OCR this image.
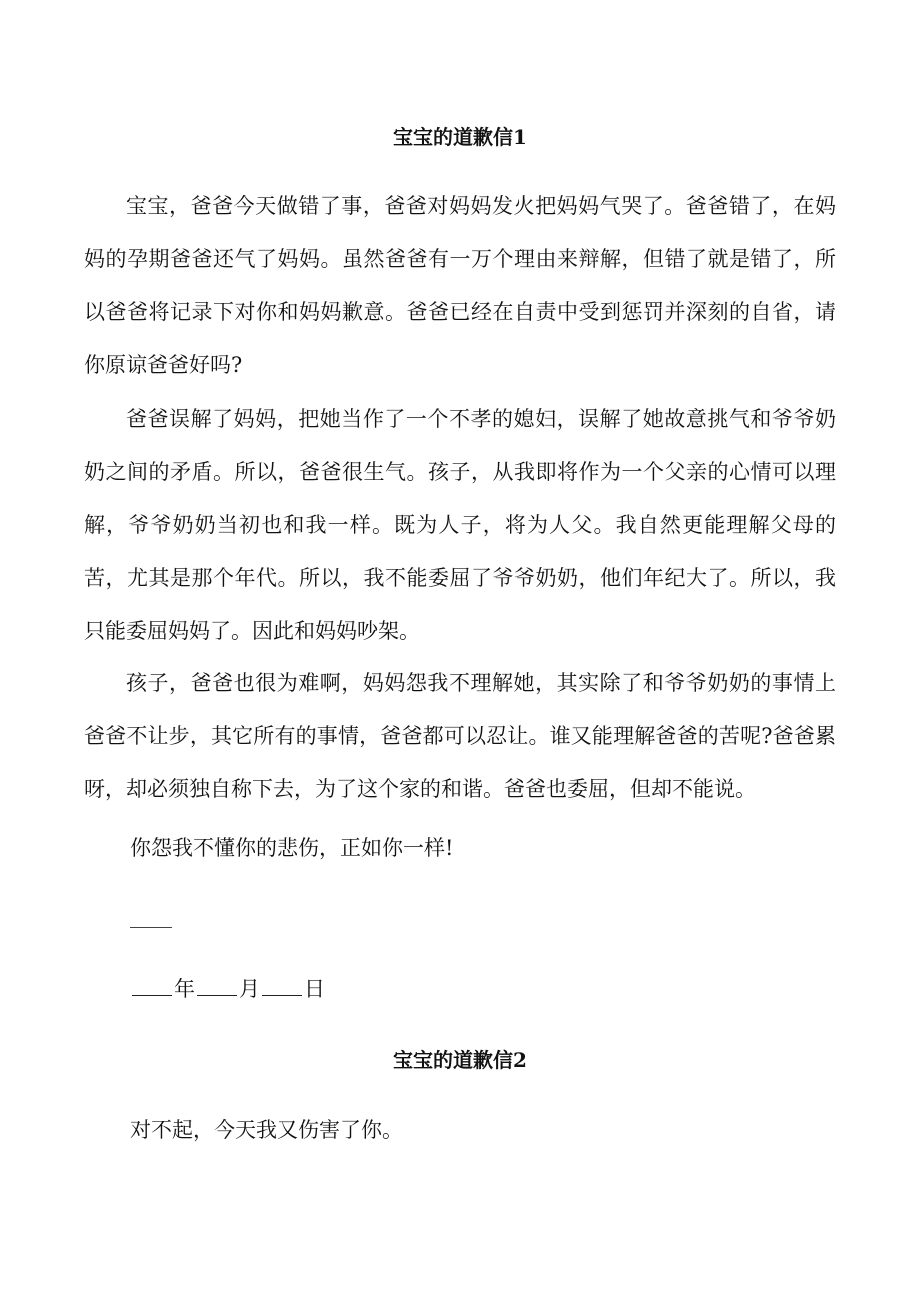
宝宝的道歉信1
宝宝，爸爸今天做错了事，爸爸对妈妈发火把妈妈气哭了。爸爸错了，在妈妈的孕期爸爸还气了妈妈。虽然爸爸有一万个理由来辩解，但错了就是错了，所以爸爸将记录下对你和妈妈歉意。爸爸已经在自责中受到惩罚并深刻的自省，请你原谅爸爸好吗?
爸爸误解了妈妈，把她当作了一个不孝的媳妇，误解了她故意挑气和爷爷奶奶之间的矛盾。所以，爸爸很生气。孩子，从我即将作为一个父亲的心情可以理解，爷爷奶奶当初也和我一样。既为人子，将为人父。我自然更能理解父母的苦，尤其是那个年代。所以，我不能委屈了爷爷奶奶，他们年纪大了。所以，我只能委屈妈妈了。因此和妈妈吵架。
孩子，爸爸也很为难啊，妈妈怨我不理解她，其实除了和爷爷奶奶的事情上爸爸不让步，其它所有的事情，爸爸都可以忍让。谁又能理解爸爸的苦呢?爸爸累呀，却必须独自称下去，为了这个家的和谐。爸爸也委屈，但却不能说。
你怨我不懂你的悲伤，正如你一样!
年 月 日
宝宝的道歉信2
对不起，今天我又伤害了你。
